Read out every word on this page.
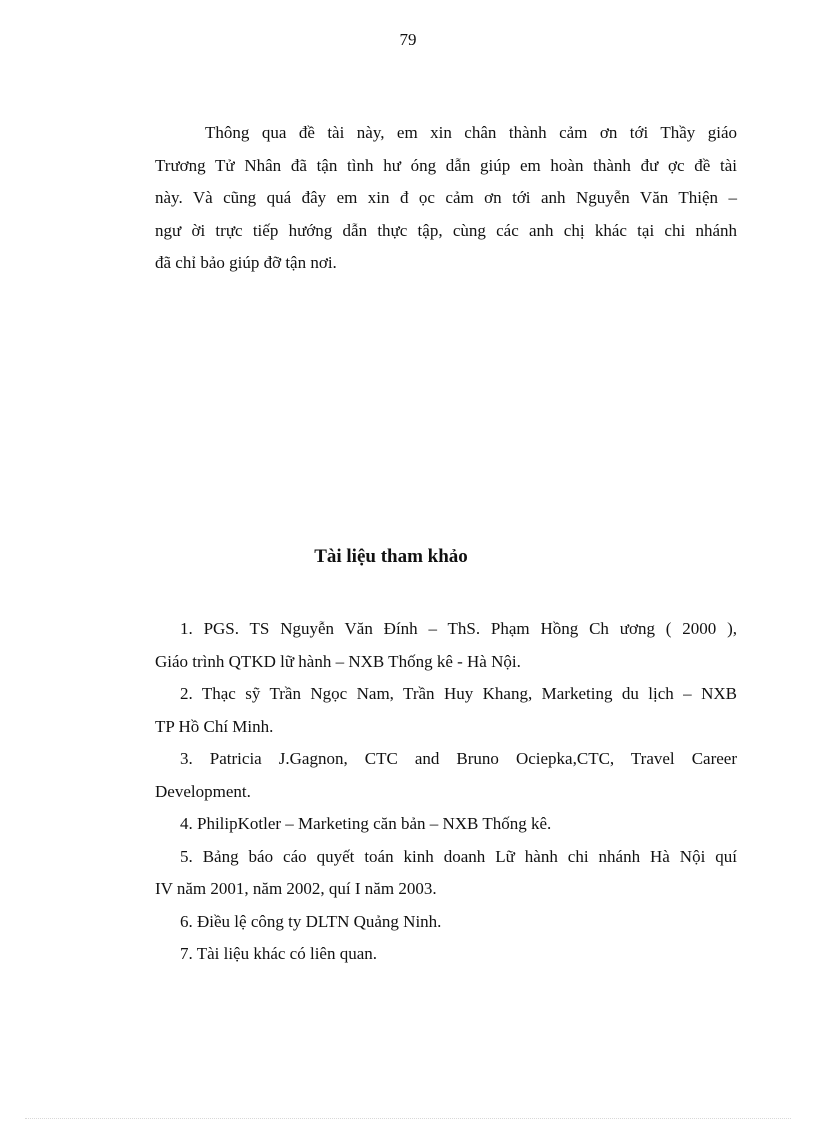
79

Thông qua đề tài này, em xin chân thành cảm ơn tới Thầy giáo
Trương Tử Nhân đã tận tình hư óng dẫn giúp em hoàn thành đư ợc đề tài
này. Và cũng quá đây em xin đ ọc cảm ơn tới anh Nguyễn Văn Thiện –
ngư ời trực tiếp hướng dẫn thực tập, cùng các anh chị khác tại chi nhánh
đã chỉ bảo giúp đỡ tận nơi.

Tài liệu tham khảo
1. PGS. TS Nguyễn Văn Đính – ThS. Phạm Hồng Ch ương ( 2000 ),
Giáo trình QTKD lữ hành – NXB Thống kê - Hà Nội.
2. Thạc sỹ Trần Ngọc Nam, Trần Huy Khang, Marketing du lịch – NXB
TP Hồ Chí Minh.
3. Patricia J.Gagnon, CTC and Bruno Ociepka,CTC, Travel Career
Development.
4. PhilipKotler – Marketing căn bản – NXB Thống kê.
5. Bảng báo cáo quyết toán kinh doanh Lữ hành chi nhánh Hà Nội quí
IV năm 2001, năm 2002, quí I năm 2003.
6. Điều lệ công ty DLTN Quảng Ninh.
7. Tài liệu khác có liên quan.
